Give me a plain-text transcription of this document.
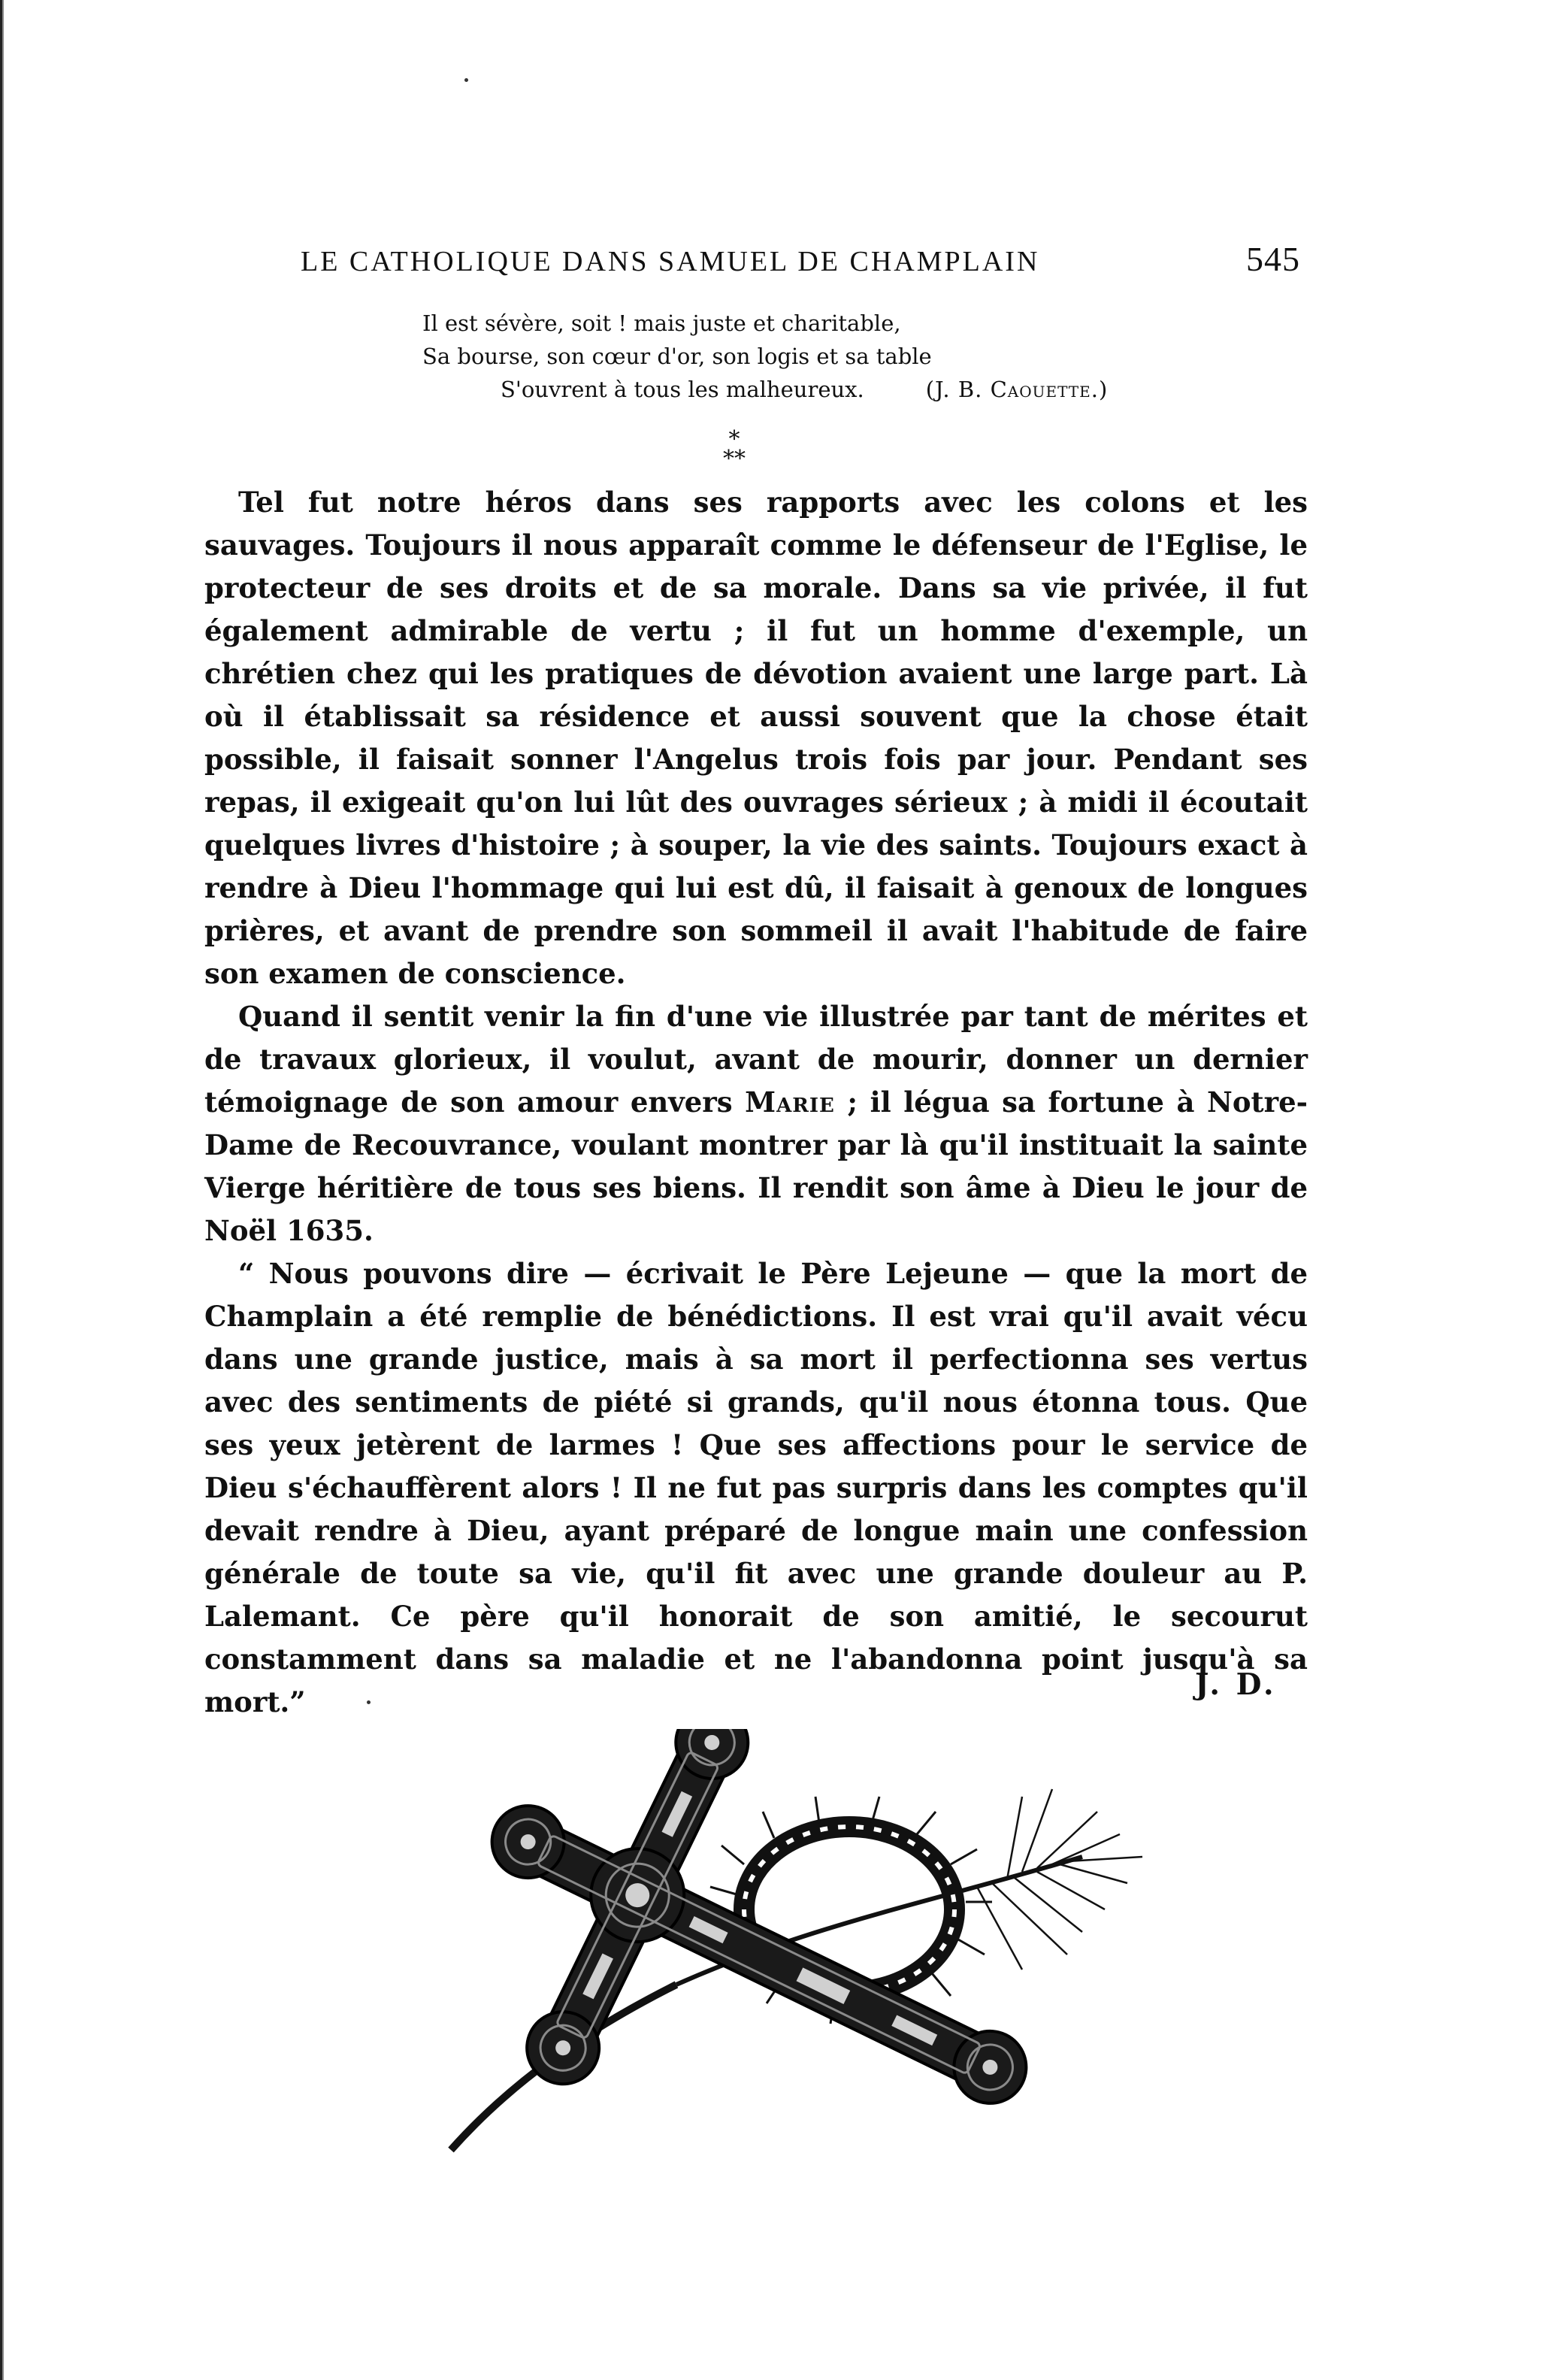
LE CATHOLIQUE DANS SAMUEL DE CHAMPLAIN	545
Il est sévère, soit ! mais juste et charitable,
Sa bourse, son cœur d'or, son logis et sa table
S'ouvrent à tous les malheureux.	(J. B. Caouette.)
*
**

Tel fut notre héros dans ses rapports avec les colons et les sauvages. Toujours il nous apparaît comme le défenseur de l'Eglise, le protecteur de ses droits et de sa morale. Dans sa vie privée, il fut également admirable de vertu ; il fut un homme d'exemple, un chrétien chez qui les pratiques de dévotion avaient une large part. Là où il établissait sa résidence et aussi souvent que la chose était possible, il faisait sonner l'Angelus trois fois par jour. Pendant ses repas, il exigeait qu'on lui lût des ouvrages sérieux ; à midi il écoutait quelques livres d'histoire ; à souper, la vie des saints. Toujours exact à rendre à Dieu l'hommage qui lui est dû, il faisait à genoux de longues prières, et avant de prendre son sommeil il avait l'habitude de faire son examen de conscience.

Quand il sentit venir la fin d'une vie illustrée par tant de mérites et de travaux glorieux, il voulut, avant de mourir, donner un dernier témoignage de son amour envers Marie ; il légua sa fortune à Notre-Dame de Recouvrance, voulant montrer par là qu'il instituait la sainte Vierge héritière de tous ses biens. Il rendit son âme à Dieu le jour de Noël 1635.

“ Nous pouvons dire — écrivait le Père Lejeune — que la mort de Champlain a été remplie de bénédictions. Il est vrai qu'il avait vécu dans une grande justice, mais à sa mort il perfectionna ses vertus avec des sentiments de piété si grands, qu'il nous étonna tous. Que ses yeux jetèrent de larmes ! Que ses affections pour le service de Dieu s'échauffèrent alors ! Il ne fut pas surpris dans les comptes qu'il devait rendre à Dieu, ayant préparé de longue main une confession générale de toute sa vie, qu'il fit avec une grande douleur au P. Lalemant. Ce père qu'il honorait de son amitié, le secourut constamment dans sa maladie et ne l'abandonna point jusqu'à sa mort.”	J. D.
